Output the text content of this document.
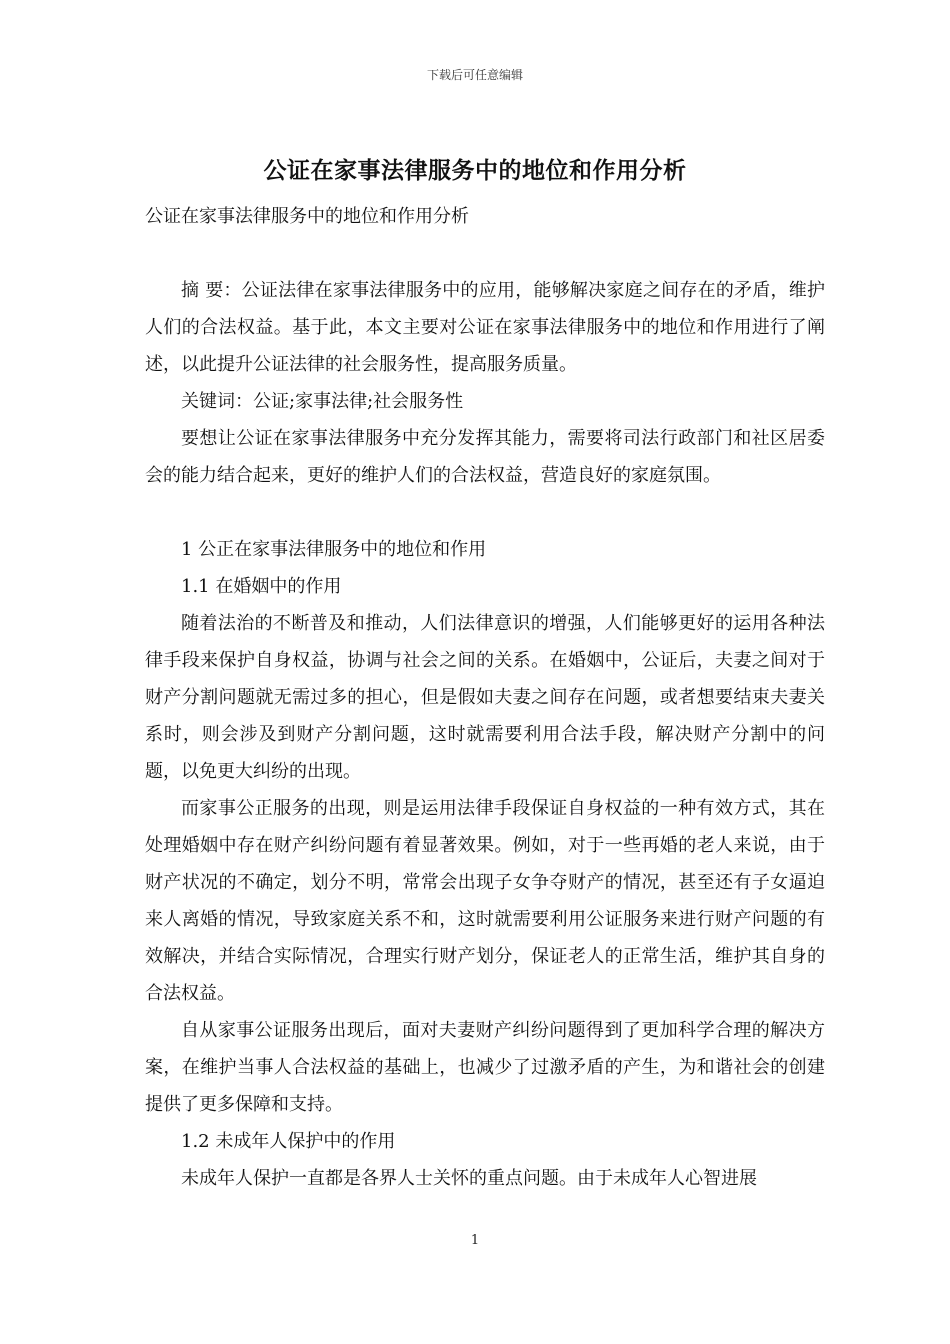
下载后可任意编辑
公证在家事法律服务中的地位和作用分析

公证在家事法律服务中的地位和作用分析

摘 要：公证法律在家事法律服务中的应用，能够解决家庭之间存在的矛盾，维护人们的合法权益。基于此，本文主要对公证在家事法律服务中的地位和作用进行了阐述，以此提升公证法律的社会服务性，提高服务质量。

关键词：公证;家事法律;社会服务性

要想让公证在家事法律服务中充分发挥其能力，需要将司法行政部门和社区居委会的能力结合起来，更好的维护人们的合法权益，营造良好的家庭氛围。

1 公正在家事法律服务中的地位和作用

1.1 在婚姻中的作用

随着法治的不断普及和推动，人们法律意识的增强，人们能够更好的运用各种法律手段来保护自身权益，协调与社会之间的关系。在婚姻中，公证后，夫妻之间对于财产分割问题就无需过多的担心，但是假如夫妻之间存在问题，或者想要结束夫妻关系时，则会涉及到财产分割问题，这时就需要利用合法手段，解决财产分割中的问题，以免更大纠纷的出现。

而家事公正服务的出现，则是运用法律手段保证自身权益的一种有效方式，其在处理婚姻中存在财产纠纷问题有着显著效果。例如，对于一些再婚的老人来说，由于财产状况的不确定，划分不明，常常会出现子女争夺财产的情况，甚至还有子女逼迫来人离婚的情况，导致家庭关系不和，这时就需要利用公证服务来进行财产问题的有效解决，并结合实际情况，合理实行财产划分，保证老人的正常生活，维护其自身的合法权益。

自从家事公证服务出现后，面对夫妻财产纠纷问题得到了更加科学合理的解决方案，在维护当事人合法权益的基础上，也减少了过激矛盾的产生，为和谐社会的创建提供了更多保障和支持。

1.2 未成年人保护中的作用

未成年人保护一直都是各界人士关怀的重点问题。由于未成年人心智进展

1
